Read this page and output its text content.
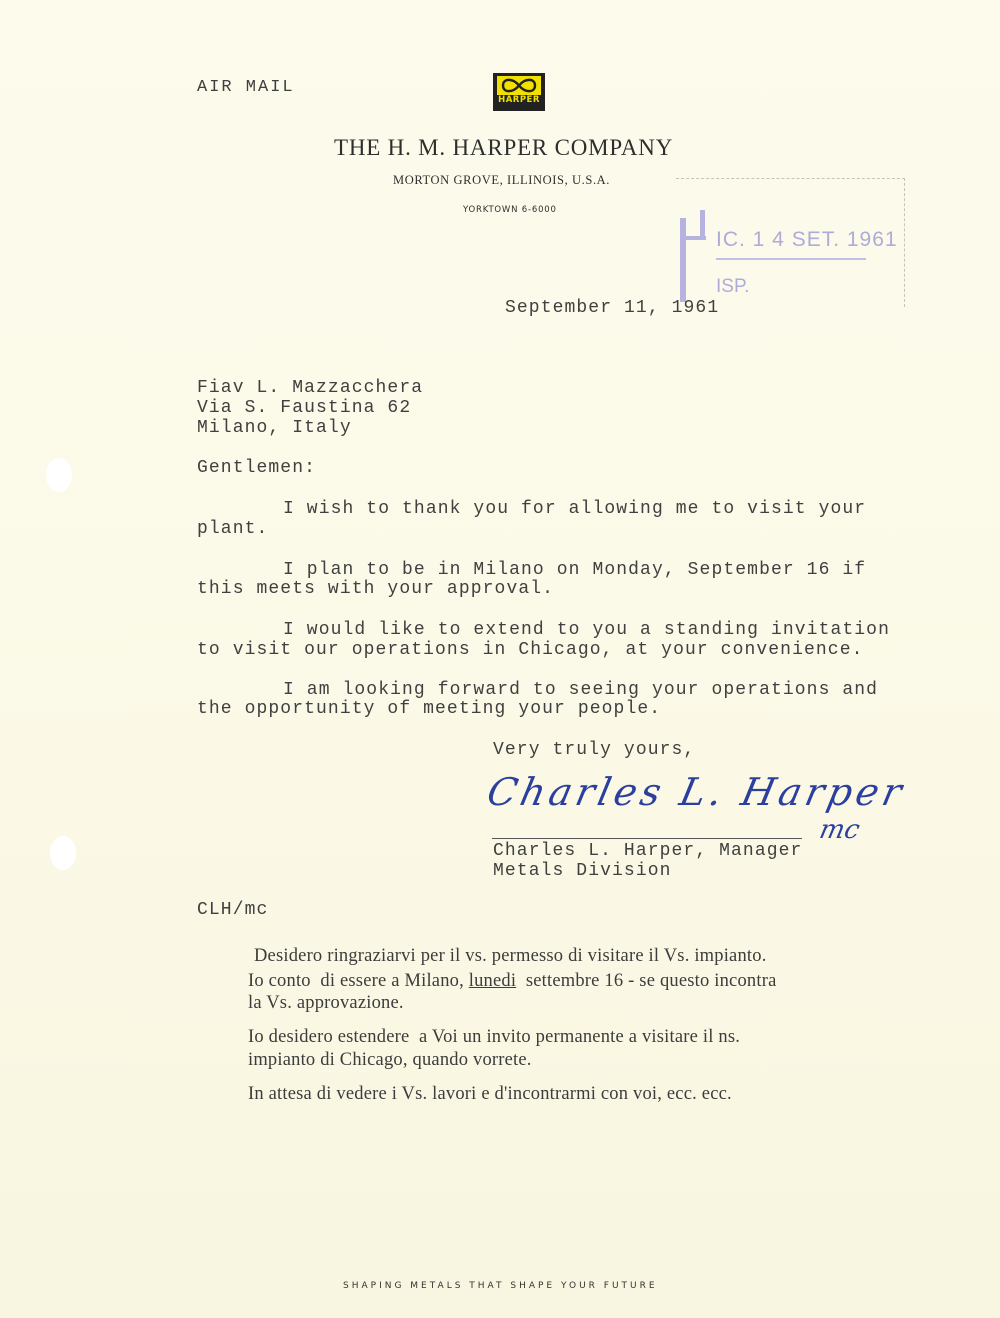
AIR MAIL
HARPER
THE H. M. HARPER COMPANY
MORTON GROVE, ILLINOIS, U.S.A.
YORKTOWN 6-6000
IC. 1 4 SET. 1961
ISP.
September 11, 1961
Fiav L. Mazzacchera
Via S. Faustina 62
Milano, Italy
Gentlemen:
I wish to thank you for allowing me to visit your
plant.
I plan to be in Milano on Monday, September 16 if
this meets with your approval.
I would like to extend to you a standing invitation
to visit our operations in Chicago, at your convenience.
I am looking forward to seeing your operations and
the opportunity of meeting your people.
Very truly yours,
Charles L. Harper
mc
Charles L. Harper, Manager
Metals Division
CLH/mc
Desidero ringraziarvi per il vs. permesso di visitare il Vs. impianto.
Io conto  di essere a Milano, lunedi  settembre 16 - se questo incontra
la Vs. approvazione.
Io desidero estendere  a Voi un invito permanente a visitare il ns.
impianto di Chicago, quando vorrete.
In attesa di vedere i Vs. lavori e d'incontrarmi con voi, ecc. ecc.
SHAPING METALS THAT SHAPE YOUR FUTURE
